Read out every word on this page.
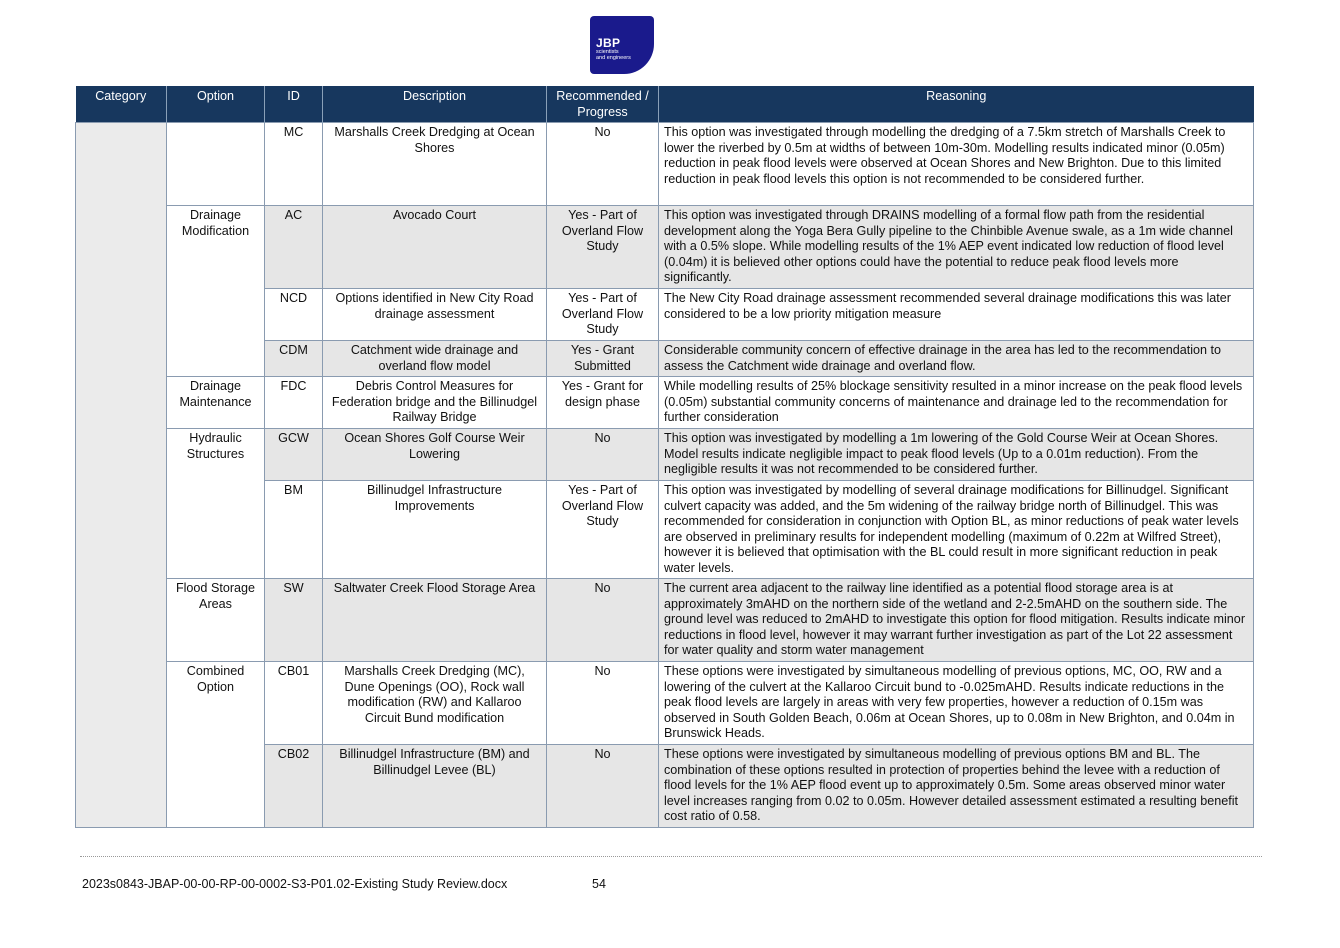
JBP
scientists
and engineers
Category	Option	ID	Description	Recommended / Progress	Reasoning
		MC	Marshalls Creek Dredging at Ocean Shores	No	This option was investigated through modelling the dredging of a 7.5km stretch of Marshalls Creek to lower the riverbed by 0.5m at widths of between 10m-30m. Modelling results indicated minor (0.05m) reduction in peak flood levels were observed at Ocean Shores and New Brighton. Due to this limited reduction in peak flood levels this option is not recommended to be considered further.
	Drainage Modification	AC	Avocado Court	Yes - Part of Overland Flow Study	This option was investigated through DRAINS modelling of a formal flow path from the residential development along the Yoga Bera Gully pipeline to the Chinbible Avenue swale, as a 1m wide channel with a 0.5% slope. While modelling results of the 1% AEP event indicated low reduction of flood level (0.04m) it is believed other options could have the potential to reduce peak flood levels more significantly.
		NCD	Options identified in New City Road drainage assessment	Yes - Part of Overland Flow Study	The New City Road drainage assessment recommended several drainage modifications this was later considered to be a low priority mitigation measure
		CDM	Catchment wide drainage and overland flow model	Yes - Grant Submitted	Considerable community concern of effective drainage in the area has led to the recommendation to assess the Catchment wide drainage and overland flow.
	Drainage Maintenance	FDC	Debris Control Measures for Federation bridge and the Billinudgel Railway Bridge	Yes - Grant for design phase	While modelling results of 25% blockage sensitivity resulted in a minor increase on the peak flood levels (0.05m) substantial community concerns of maintenance and drainage led to the recommendation for further consideration
	Hydraulic Structures	GCW	Ocean Shores Golf Course Weir Lowering	No	This option was investigated by modelling a 1m lowering of the Gold Course Weir at Ocean Shores. Model results indicate negligible impact to peak flood levels (Up to a 0.01m reduction). From the negligible results it was not recommended to be considered further.
		BM	Billinudgel Infrastructure Improvements	Yes - Part of Overland Flow Study	This option was investigated by modelling of several drainage modifications for Billinudgel. Significant culvert capacity was added, and the 5m widening of the railway bridge north of Billinudgel. This was recommended for consideration in conjunction with Option BL, as minor reductions of peak water levels are observed in preliminary results for independent modelling (maximum of 0.22m at Wilfred Street), however it is believed that optimisation with the BL could result in more significant reduction in peak water levels.
	Flood Storage Areas	SW	Saltwater Creek Flood Storage Area	No	The current area adjacent to the railway line identified as a potential flood storage area is at approximately 3mAHD on the northern side of the wetland and 2-2.5mAHD on the southern side. The ground level was reduced to 2mAHD to investigate this option for flood mitigation. Results indicate minor reductions in flood level, however it may warrant further investigation as part of the Lot 22 assessment for water quality and storm water management
	Combined Option	CB01	Marshalls Creek Dredging (MC), Dune Openings (OO), Rock wall modification (RW) and Kallaroo Circuit Bund modification	No	These options were investigated by simultaneous modelling of previous options, MC, OO, RW and a lowering of the culvert at the Kallaroo Circuit bund to -0.025mAHD. Results indicate reductions in the peak flood levels are largely in areas with very few properties, however a reduction of 0.15m was observed in South Golden Beach, 0.06m at Ocean Shores, up to 0.08m in New Brighton, and 0.04m in Brunswick Heads.
		CB02	Billinudgel Infrastructure (BM) and Billinudgel Levee (BL)	No	These options were investigated by simultaneous modelling of previous options BM and BL. The combination of these options resulted in protection of properties behind the levee with a reduction of flood levels for the 1% AEP flood event up to approximately 0.5m. Some areas observed minor water level increases ranging from 0.02 to 0.05m. However detailed assessment estimated a resulting benefit cost ratio of 0.58.
2023s0843-JBAP-00-00-RP-00-0002-S3-P01.02-Existing Study Review.docx	54
